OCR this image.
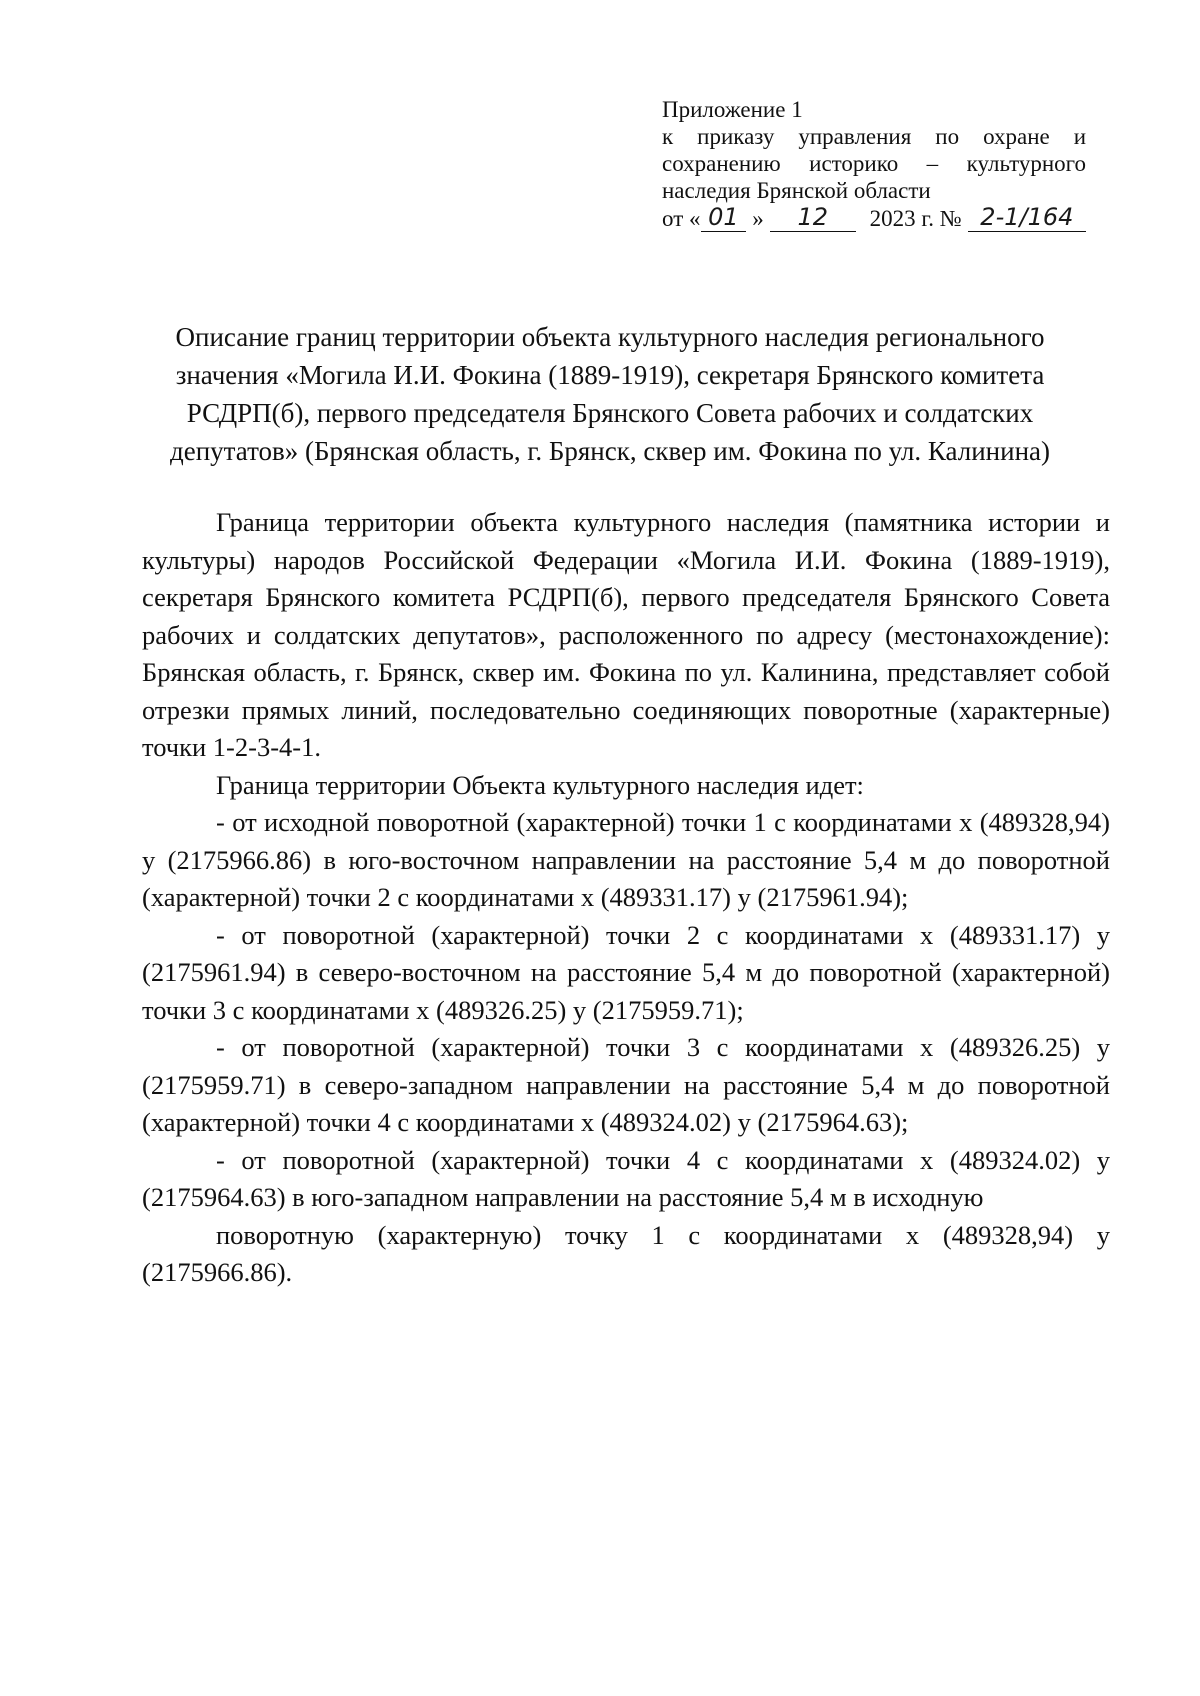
Приложение 1
к приказу управления по охране и
сохранению историко – культурного
наследия Брянской области
от « 01 »	12	2023 г. № 2-1/164
Описание границ территории объекта культурного наследия регионального значения «Могила И.И. Фокина (1889-1919), секретаря Брянского комитета РСДРП(б), первого председателя Брянского Совета рабочих и солдатских депутатов» (Брянская область, г. Брянск, сквер им. Фокина по ул. Калинина)

Граница территории объекта культурного наследия (памятника истории и культуры) народов Российской Федерации «Могила И.И. Фокина (1889-1919), секретаря Брянского комитета РСДРП(б), первого председателя Брянского Совета рабочих и солдатских депутатов», расположенного по адресу (местонахождение): Брянская область, г. Брянск, сквер им. Фокина по ул. Калинина, представляет собой отрезки прямых линий, последовательно соединяющих поворотные (характерные) точки 1-2-3-4-1.

Граница территории Объекта культурного наследия идет:

- от исходной поворотной (характерной) точки 1 с координатами х (489328,94) у (2175966.86) в юго-восточном направлении на расстояние 5,4 м до поворотной (характерной) точки 2 с координатами х (489331.17) у (2175961.94);

- от поворотной (характерной) точки 2 с координатами х (489331.17) у (2175961.94) в северо-восточном на расстояние 5,4 м до поворотной (характерной) точки 3 с координатами х (489326.25) у (2175959.71);

- от поворотной (характерной) точки 3 с координатами х (489326.25) у (2175959.71) в северо-западном направлении на расстояние 5,4 м до поворотной (характерной) точки 4 с координатами х (489324.02) у (2175964.63);

- от поворотной (характерной) точки 4 с координатами х (489324.02) у (2175964.63) в юго-западном направлении на расстояние 5,4 м в исходную

поворотную (характерную) точку 1 с координатами х (489328,94) у (2175966.86).
